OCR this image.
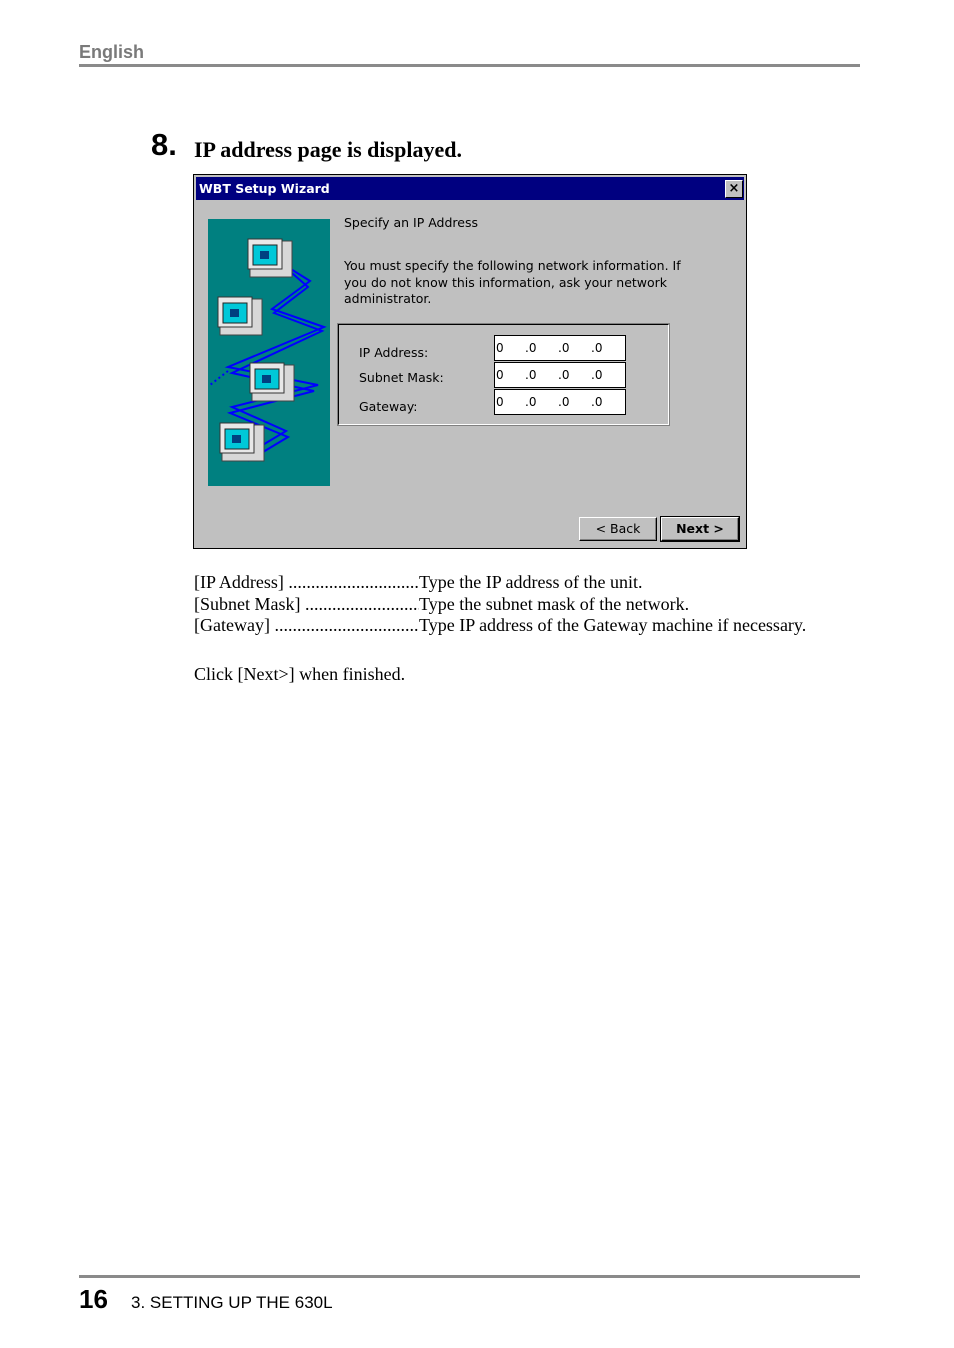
English
8. IP address page is displayed.
WBT Setup Wizard	×
Specify an IP Address
You must specify the following network information. If you do not know this information, ask your network administrator.
IP Address:	0 .0 .0 .0
Subnet Mask:	0 .0 .0 .0
Gateway:	0 .0 .0 .0
< Back	Next >
[IP Address] .....	Type the IP address of the unit.
[Subnet Mask] .....	Type the subnet mask of the network.
[Gateway] .....	Type IP address of the Gateway machine if necessary.
Click [Next>] when finished.
16 3. SETTING UP THE 630L
